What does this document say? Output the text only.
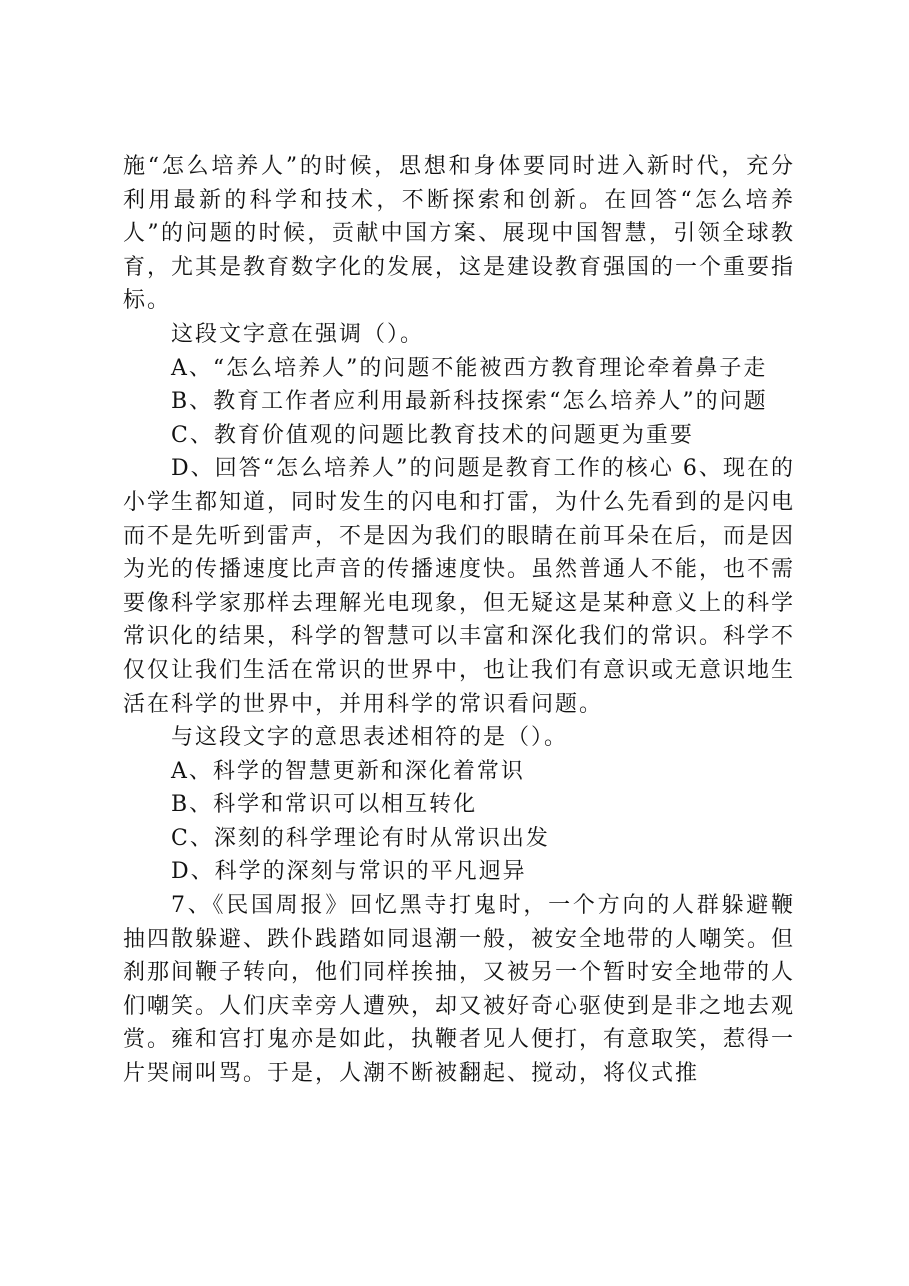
施“怎么培养人”的时候，思想和身体要同时进入新时代，充分利用最新的科学和技术，不断探索和创新。在回答“怎么培养人”的问题的时候，贡献中国方案、展现中国智慧，引领全球教育，尤其是教育数字化的发展，这是建设教育强国的一个重要指标。

这段文字意在强调（）。

A、“怎么培养人”的问题不能被西方教育理论牵着鼻子走

B、教育工作者应利用最新科技探索“怎么培养人”的问题

C、教育价值观的问题比教育技术的问题更为重要

D、回答“怎么培养人”的问题是教育工作的核心 6、现在的小学生都知道，同时发生的闪电和打雷，为什么先看到的是闪电而不是先听到雷声，不是因为我们的眼睛在前耳朵在后，而是因为光的传播速度比声音的传播速度快。虽然普通人不能，也不需要像科学家那样去理解光电现象，但无疑这是某种意义上的科学常识化的结果，科学的智慧可以丰富和深化我们的常识。科学不仅仅让我们生活在常识的世界中，也让我们有意识或无意识地生活在科学的世界中，并用科学的常识看问题。

与这段文字的意思表述相符的是（）。

A、科学的智慧更新和深化着常识

B、科学和常识可以相互转化

C、深刻的科学理论有时从常识出发

D、科学的深刻与常识的平凡迥异

7、《民国周报》回忆黑寺打鬼时，一个方向的人群躲避鞭抽四散躲避、跌仆践踏如同退潮一般，被安全地带的人嘲笑。但刹那间鞭子转向，他们同样挨抽，又被另一个暂时安全地带的人们嘲笑。人们庆幸旁人遭殃，却又被好奇心驱使到是非之地去观赏。雍和宫打鬼亦是如此，执鞭者见人便打，有意取笑，惹得一片哭闹叫骂。于是，人潮不断被翻起、搅动，将仪式推
